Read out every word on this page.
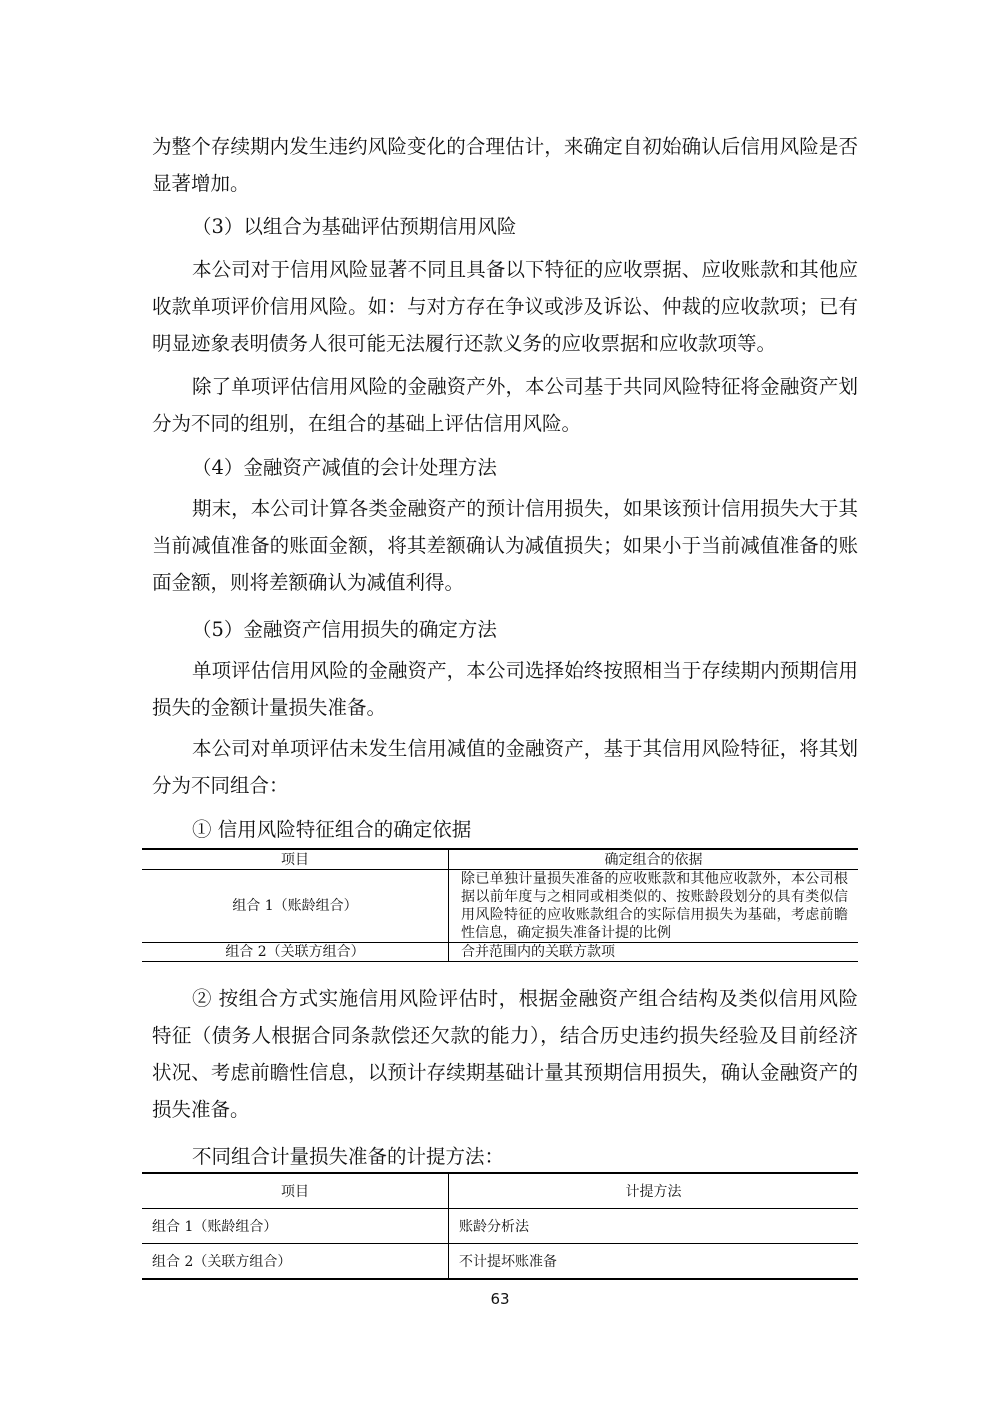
为整个存续期内发生违约风险变化的合理估计，来确定自初始确认后信用风险是否显著增加。

（3）以组合为基础评估预期信用风险

本公司对于信用风险显著不同且具备以下特征的应收票据、应收账款和其他应收款单项评价信用风险。如：与对方存在争议或涉及诉讼、仲裁的应收款项；已有明显迹象表明债务人很可能无法履行还款义务的应收票据和应收款项等。

除了单项评估信用风险的金融资产外，本公司基于共同风险特征将金融资产划分为不同的组别，在组合的基础上评估信用风险。

（4）金融资产减值的会计处理方法

期末，本公司计算各类金融资产的预计信用损失，如果该预计信用损失大于其当前减值准备的账面金额，将其差额确认为减值损失；如果小于当前减值准备的账面金额，则将差额确认为减值利得。

（5）金融资产信用损失的确定方法

单项评估信用风险的金融资产，本公司选择始终按照相当于存续期内预期信用损失的金额计量损失准备。

本公司对单项评估未发生信用减值的金融资产，基于其信用风险特征，将其划分为不同组合：

① 信用风险特征组合的确定依据

项目	确定组合的依据
组合 1（账龄组合）	除已单独计量损失准备的应收账款和其他应收款外，本公司根据以前年度与之相同或相类似的、按账龄段划分的具有类似信用风险特征的应收账款组合的实际信用损失为基础，考虑前瞻性信息，确定损失准备计提的比例
组合 2（关联方组合）	合并范围内的关联方款项

② 按组合方式实施信用风险评估时，根据金融资产组合结构及类似信用风险特征（债务人根据合同条款偿还欠款的能力），结合历史违约损失经验及目前经济状况、考虑前瞻性信息，以预计存续期基础计量其预期信用损失，确认金融资产的损失准备。

不同组合计量损失准备的计提方法：

项目	计提方法
组合 1（账龄组合）	账龄分析法
组合 2（关联方组合）	不计提坏账准备
63
